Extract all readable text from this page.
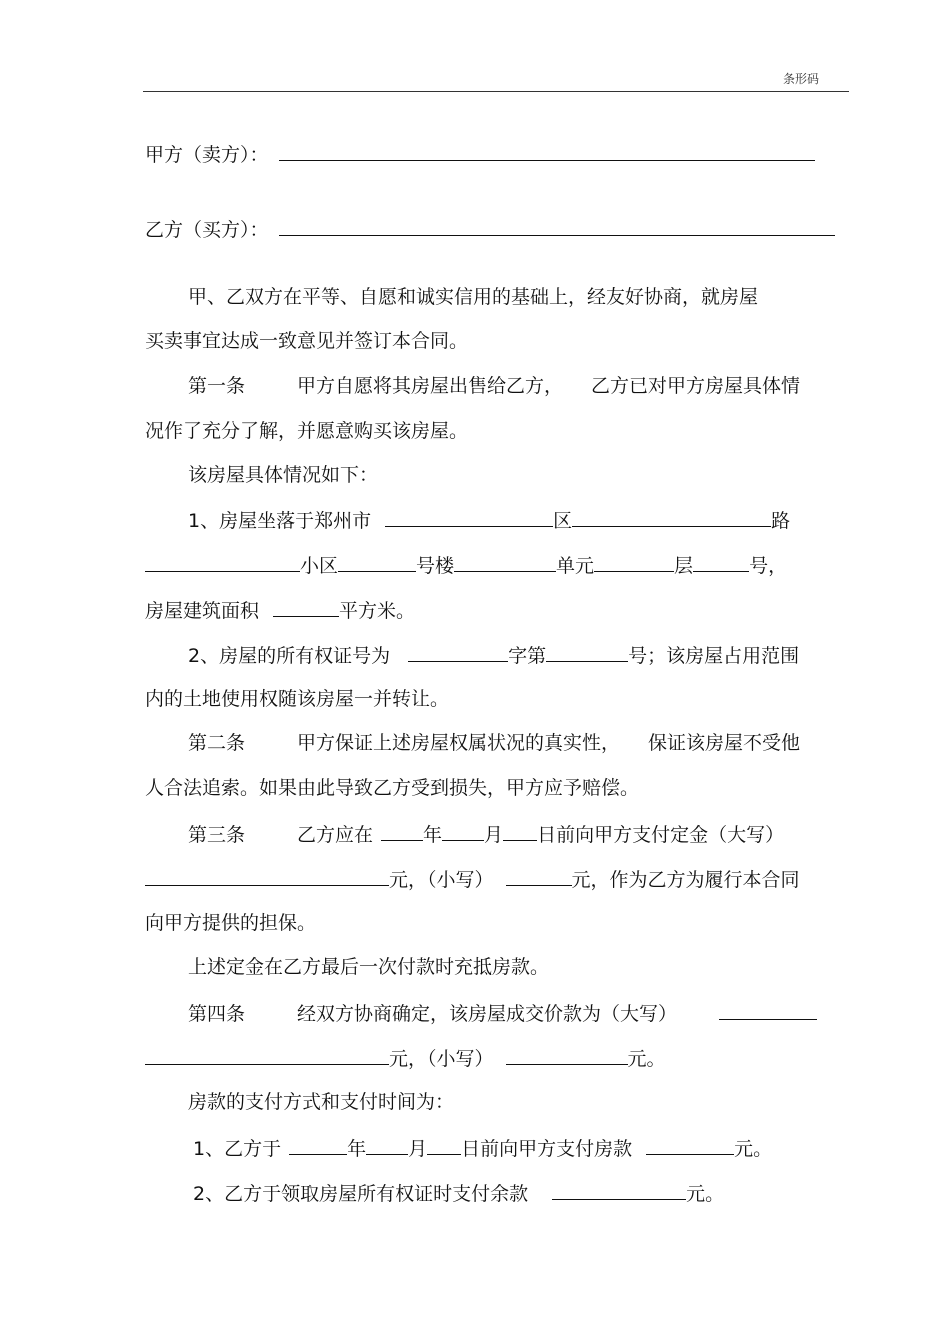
条形码
甲方（卖方）：
乙方（买方）：
甲、乙双方在平等、自愿和诚实信用的基础上，经友好协商，就房屋
买卖事宜达成一致意见并签订本合同。
第一条	甲方自愿将其房屋出售给乙方， 乙方已对甲方房屋具体情
况作了充分了解，并愿意购买该房屋。
该房屋具体情况如下：
1、房屋坐落于郑州市	区	路
小区	号楼	单元	层	号，
房屋建筑面积	平方米。
2、房屋的所有权证号为	字第	号；该房屋占用范围
内的土地使用权随该房屋一并转让。
第二条	甲方保证上述房屋权属状况的真实性， 保证该房屋不受他
人合法追索。如果由此导致乙方受到损失，甲方应予赔偿。
第三条	乙方应在	年 月 日前向甲方支付定金（大写）
元，（小写）	元，作为乙方为履行本合同
向甲方提供的担保。
上述定金在乙方最后一次付款时充抵房款。
第四条	经双方协商确定，该房屋成交价款为（大写）
元，（小写）	元。
房款的支付方式和支付时间为：
1、乙方于	年 月 日前向甲方支付房款	元。
2、乙方于领取房屋所有权证时支付余款	元。
